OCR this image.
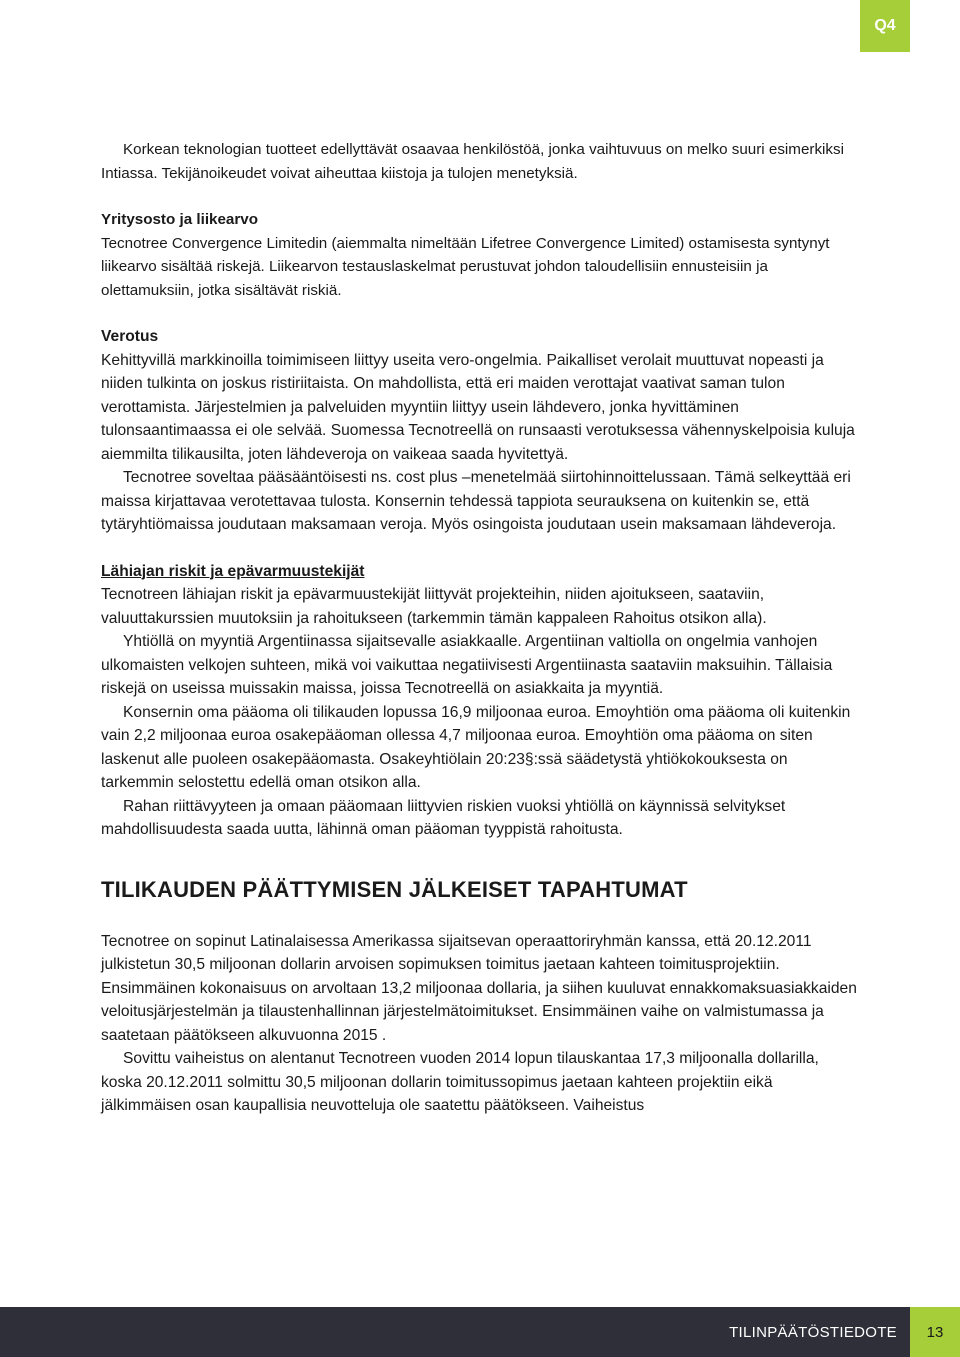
Q4

Korkean teknologian tuotteet edellyttävät osaavaa henkilöstöä, jonka vaihtuvuus on melko suuri esimerkiksi Intiassa. Tekijänoikeudet voivat aiheuttaa kiistoja ja tulojen menetyksiä.

Yritysosto ja liikearvo

Tecnotree Convergence Limitedin (aiemmalta nimeltään Lifetree Convergence Limited) ostamisesta syntynyt liikearvo sisältää riskejä. Liikearvon testauslaskelmat perustuvat johdon taloudellisiin ennusteisiin ja olettamuksiin, jotka sisältävät riskiä.

Verotus

Kehittyvillä markkinoilla toimimiseen liittyy useita vero-ongelmia. Paikalliset verolait muuttuvat nopeasti ja niiden tulkinta on joskus ristiriitaista. On mahdollista, että eri maiden verottajat vaativat saman tulon verottamista. Järjestelmien ja palveluiden myyntiin liittyy usein lähdevero, jonka hyvittäminen tulonsaantimaassa ei ole selvää. Suomessa Tecnotreellä on runsaasti verotuksessa vähennyskelpoisia kuluja aiemmilta tilikausilta, joten lähdeveroja on vaikeaa saada hyvitettyä.

Tecnotree soveltaa pääsääntöisesti ns. cost plus –menetelmää siirtohinnoittelussaan. Tämä selkeyttää eri maissa kirjattavaa verotettavaa tulosta. Konsernin tehdessä tappiota seurauksena on kuitenkin se, että tytäryhtiömaissa joudutaan maksamaan veroja. Myös osingoista joudutaan usein maksamaan lähdeveroja.

Lähiajan riskit ja epävarmuustekijät

Tecnotreen lähiajan riskit ja epävarmuustekijät liittyvät projekteihin, niiden ajoitukseen, saataviin, valuuttakurssien muutoksiin ja rahoitukseen (tarkemmin tämän kappaleen Rahoitus otsikon alla).

Yhtiöllä on myyntiä Argentiinassa sijaitsevalle asiakkaalle. Argentiinan valtiolla on ongelmia vanhojen ulkomaisten velkojen suhteen, mikä voi vaikuttaa negatiivisesti Argentiinasta saataviin maksuihin. Tällaisia riskejä on useissa muissakin maissa, joissa Tecnotreellä on asiakkaita ja myyntiä.

Konsernin oma pääoma oli tilikauden lopussa 16,9 miljoonaa euroa. Emoyhtiön oma pääoma oli kuitenkin vain 2,2 miljoonaa euroa osakepääoman ollessa 4,7 miljoonaa euroa. Emoyhtiön oma pääoma on siten laskenut alle puoleen osakepääomasta. Osakeyhtiölain 20:23§:ssä säädetystä yhtiökokouksesta on tarkemmin selostettu edellä oman otsikon alla.

Rahan riittävyyteen ja omaan pääomaan liittyvien riskien vuoksi yhtiöllä on käynnissä selvitykset mahdollisuudesta saada uutta, lähinnä oman pääoman tyyppistä rahoitusta.

TILIKAUDEN PÄÄTTYMISEN JÄLKEISET TAPAHTUMAT

Tecnotree on sopinut Latinalaisessa Amerikassa sijaitsevan operaattoriryhmän kanssa, että 20.12.2011 julkistetun 30,5 miljoonan dollarin arvoisen sopimuksen toimitus jaetaan kahteen toimitusprojektiin. Ensimmäinen kokonaisuus on arvoltaan 13,2 miljoonaa dollaria, ja siihen kuuluvat ennakkomaksuasiakkaiden veloitusjärjestelmän ja tilaustenhallinnan järjestelmätoimitukset. Ensimmäinen vaihe on valmistumassa ja saatetaan päätökseen alkuvuonna 2015 .

Sovittu vaiheistus on alentanut Tecnotreen vuoden 2014 lopun tilauskantaa 17,3 miljoonalla dollarilla, koska 20.12.2011 solmittu 30,5 miljoonan dollarin toimitussopimus jaetaan kahteen projektiin eikä jälkimmäisen osan kaupallisia neuvotteluja ole saatettu päätökseen. Vaiheistus

TILINPÄÄTÖSTIEDOTE	13
